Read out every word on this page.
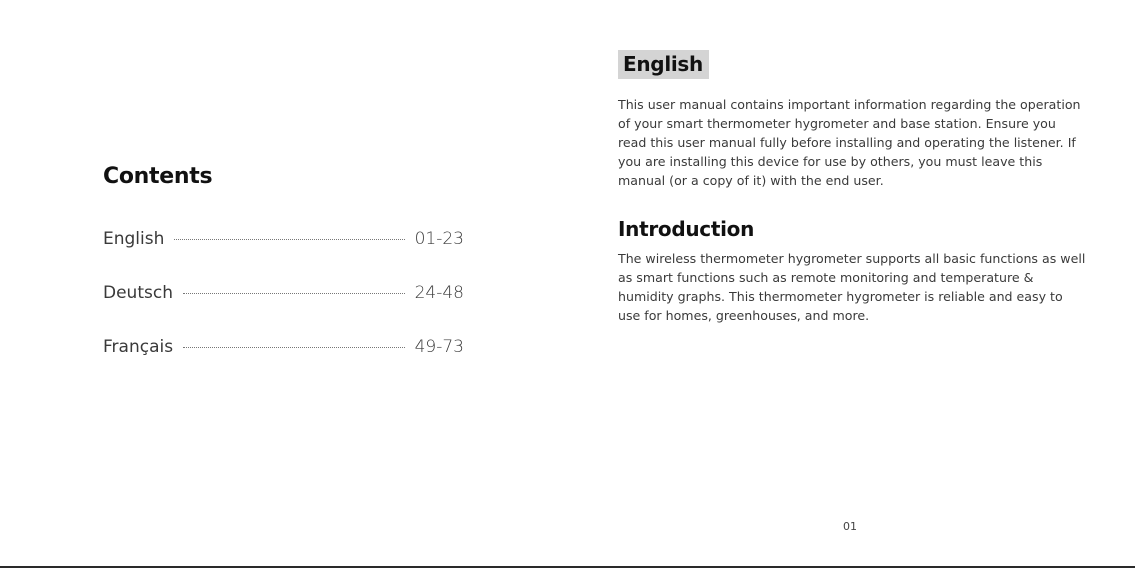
Contents
English	01-23
Deutsch	24-48
Français	49-73
English

This user manual contains important information regarding the operation of your smart thermometer hygrometer and base station. Ensure you read this user manual fully before installing and operating the listener. If you are installing this device for use by others, you must leave this manual (or a copy of it) with the end user.

Introduction

The wireless thermometer hygrometer supports all basic functions as well as smart functions such as remote monitoring and temperature & humidity graphs. This thermometer hygrometer is reliable and easy to use for homes, greenhouses, and more.

01
